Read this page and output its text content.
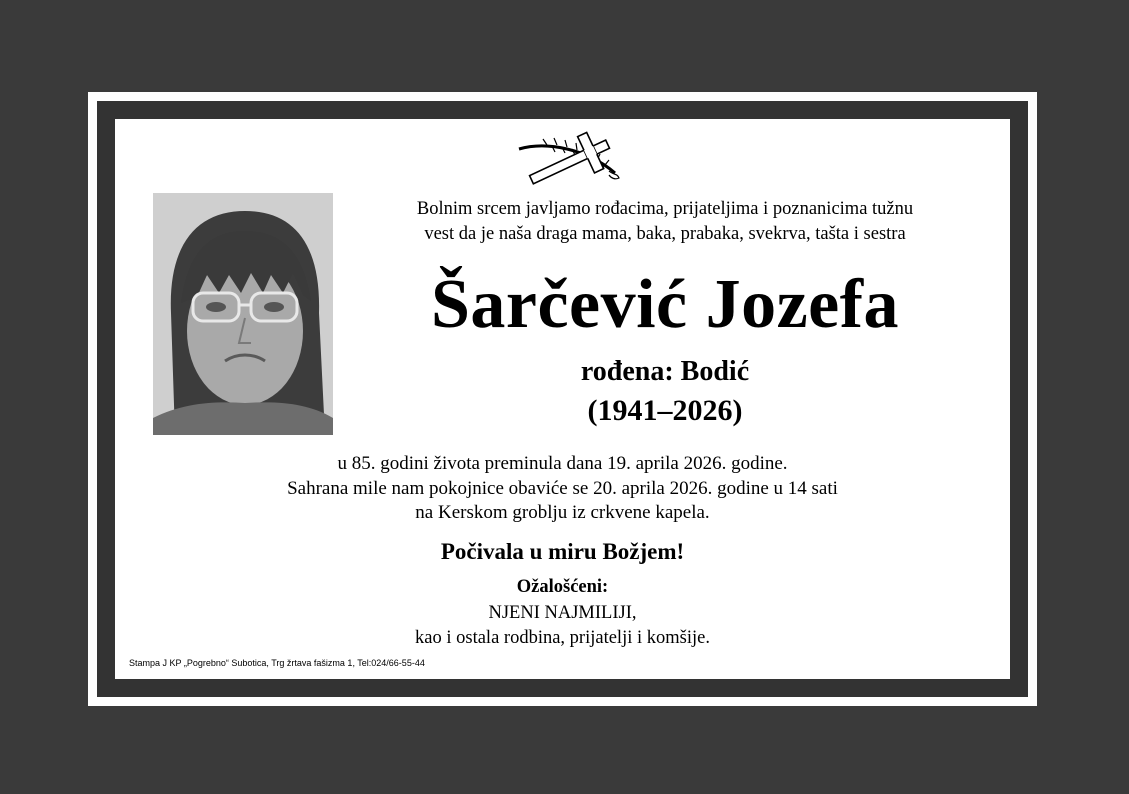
Bolnim srcem javljamo rođacima, prijateljima i poznanicima tužnu
vest da je naša draga mama, baka, prabaka, svekrva, tašta i sestra
Šarčević Jozefa
rođena: Bodić
(1941–2026)
u 85. godini života preminula dana 19. aprila 2026. godine.
Sahrana mile nam pokojnice obaviće se 20. aprila 2026. godine u 14 sati
na Kerskom groblju iz crkvene kapela.
Počivala u miru Božjem!
Ožalošćeni:
NJENI NAJMILIJI,
kao i ostala rodbina, prijatelji i komšije.
Stampa J KP „Pogrebno“ Subotica, Trg žrtava fašizma 1, Tel:024/66-55-44
